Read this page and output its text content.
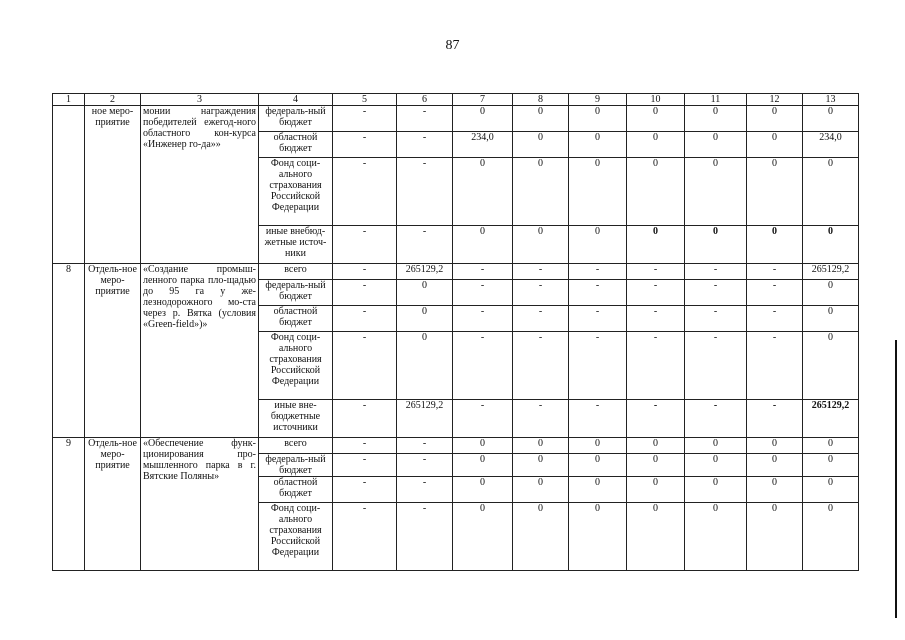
87
1	2	3	4	5	6	7	8	9	10	11	12	13
	ное меро-приятие	монии награждения победителей ежегод-ного областного кон-курса «Инженер го-да»»	федераль-ный бюджет	-	-	0	0	0	0	0	0	0
			областной бюджет	-	-	234,0	0	0	0	0	0	234,0
			Фонд соци-ального страхования Российской Федерации	-	-	0	0	0	0	0	0	0
			иные внебюд-жетные источ-ники	-	-	0	0	0	0	0	0	0
8	Отдель-ное меро-приятие	«Создание промыш-ленного парка пло-щадью до 95 га у же-лезнодорожного мо-ста через р. Вятка (условия «Green-field»)»	всего	-	265129,2	-	-	-	-	-	-	265129,2
			федераль-ный бюджет	-	0	-	-	-	-	-	-	0
			областной бюджет	-	0	-	-	-	-	-	-	0
			Фонд соци-ального страхования Российской Федерации	-	0	-	-	-	-	-	-	0
			иные вне-бюджетные источники	-	265129,2	-	-	-	-	-	-	265129,2
9	Отдель-ное меро-приятие	«Обеспечение функ-ционирования про-мышленного парка в г. Вятские Поляны»	всего	-	-	0	0	0	0	0	0	0
			федераль-ный бюджет	-	-	0	0	0	0	0	0	0
			областной бюджет	-	-	0	0	0	0	0	0	0
			Фонд соци-ального страхования Российской Федерации	-	-	0	0	0	0	0	0	0
